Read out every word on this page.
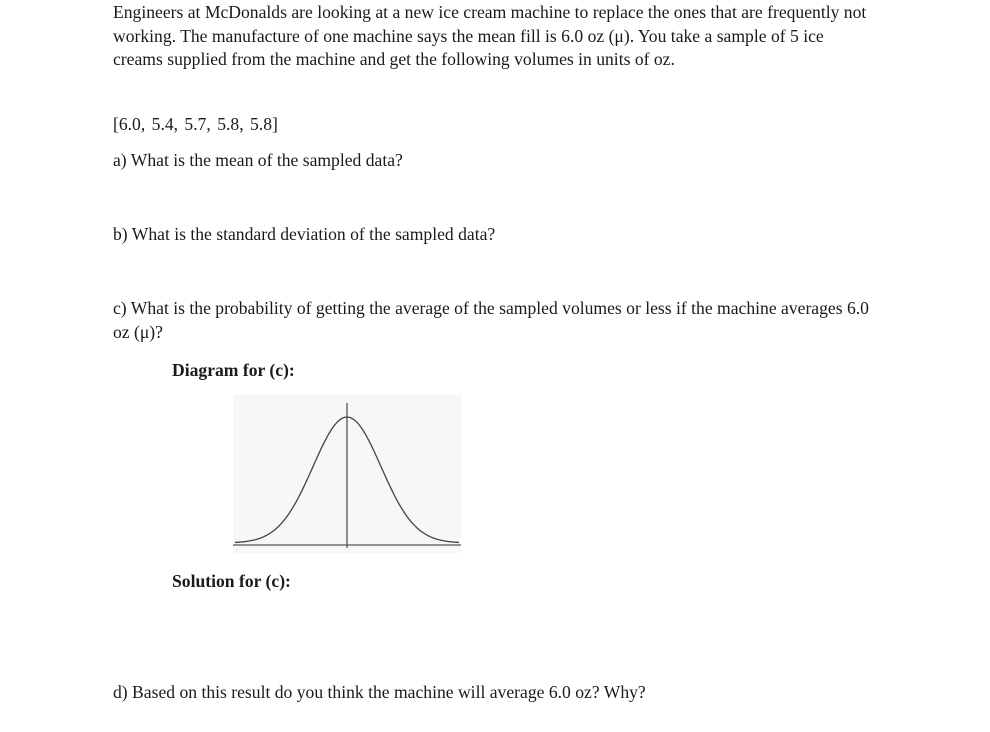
Engineers at McDonalds are looking at a new ice cream machine to replace the ones that are frequently not working. The manufacture of one machine says the mean fill is 6.0 oz (μ). You take a sample of 5 ice creams supplied from the machine and get the following volumes in units of oz.

[6.0, 5.4, 5.7, 5.8, 5.8]

a) What is the mean of the sampled data?

b) What is the standard deviation of the sampled data?

c) What is the probability of getting the average of the sampled volumes or less if the machine averages 6.0 oz (μ)?

Diagram for (c):

Solution for (c):

d) Based on this result do you think the machine will average 6.0 oz? Why?
